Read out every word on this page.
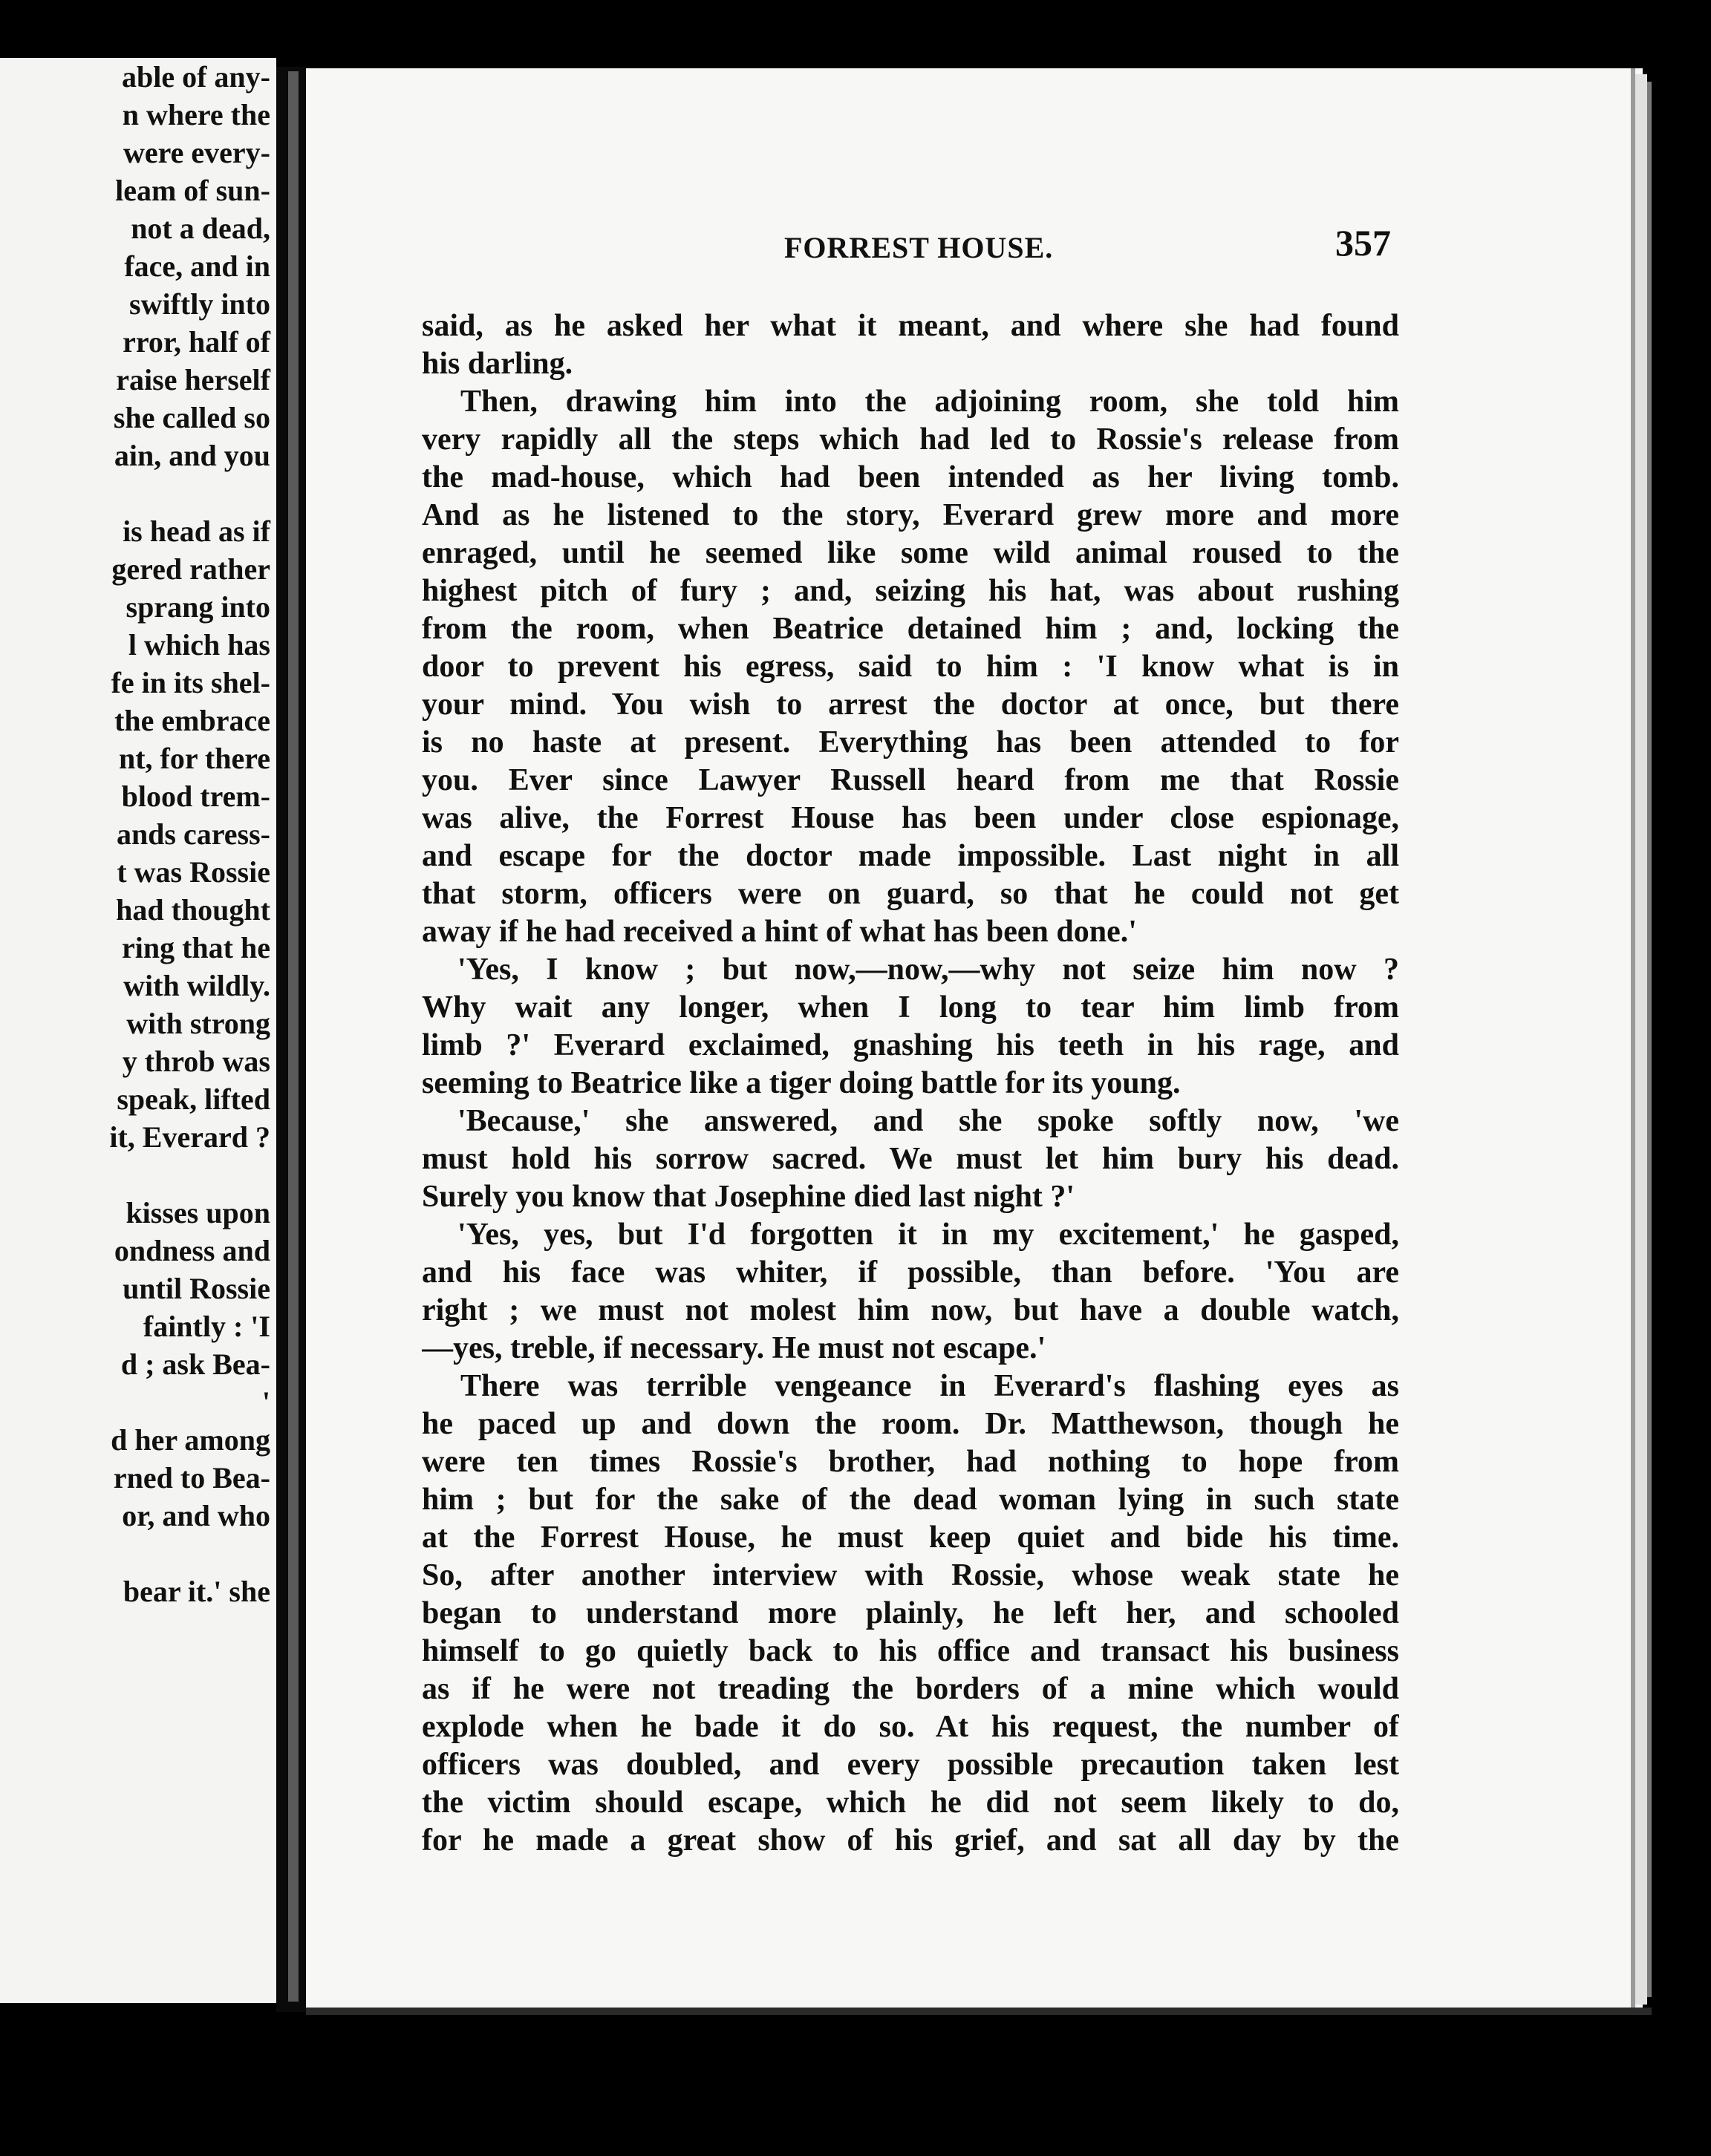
able of any-
n where the
were every-
leam of sun-
not a dead,
face, and in
swiftly into
rror, half of
raise herself
she called so
ain, and you
is head as if
gered rather
sprang into
l which has
fe in its shel-
the embrace
nt, for there
blood trem-
ands caress-
t was Rossie
had thought
ring that he
with wildly.
with strong
y throb was
speak, lifted
it, Everard ?
kisses upon
ondness and
until Rossie
faintly : 'I
d ; ask Bea-
'
d her among
rned to Bea-
or, and who
bear it.' she
FORREST HOUSE.	357
said, as he asked her what it meant, and where she had found
his darling.
Then, drawing him into the adjoining room, she told him
very rapidly all the steps which had led to Rossie's release from
the mad-house, which had been intended as her living tomb.
And as he listened to the story, Everard grew more and more
enraged, until he seemed like some wild animal roused to the
highest pitch of fury ; and, seizing his hat, was about rushing
from the room, when Beatrice detained him ; and, locking the
door to prevent his egress, said to him : 'I know what is in
your mind. You wish to arrest the doctor at once, but there
is no haste at present. Everything has been attended to for
you. Ever since Lawyer Russell heard from me that Rossie
was alive, the Forrest House has been under close espionage,
and escape for the doctor made impossible. Last night in all
that storm, officers were on guard, so that he could not get
away if he had received a hint of what has been done.'
'Yes, I know ; but now,—now,—why not seize him now ?
Why wait any longer, when I long to tear him limb from
limb ?' Everard exclaimed, gnashing his teeth in his rage, and
seeming to Beatrice like a tiger doing battle for its young.
'Because,' she answered, and she spoke softly now, 'we
must hold his sorrow sacred. We must let him bury his dead.
Surely you know that Josephine died last night ?'
'Yes, yes, but I'd forgotten it in my excitement,' he gasped,
and his face was whiter, if possible, than before. 'You are
right ; we must not molest him now, but have a double watch,
—yes, treble, if necessary. He must not escape.'
There was terrible vengeance in Everard's flashing eyes as
he paced up and down the room. Dr. Matthewson, though he
were ten times Rossie's brother, had nothing to hope from
him ; but for the sake of the dead woman lying in such state
at the Forrest House, he must keep quiet and bide his time.
So, after another interview with Rossie, whose weak state he
began to understand more plainly, he left her, and schooled
himself to go quietly back to his office and transact his business
as if he were not treading the borders of a mine which would
explode when he bade it do so. At his request, the number of
officers was doubled, and every possible precaution taken lest
the victim should escape, which he did not seem likely to do,
for he made a great show of his grief, and sat all day by the
